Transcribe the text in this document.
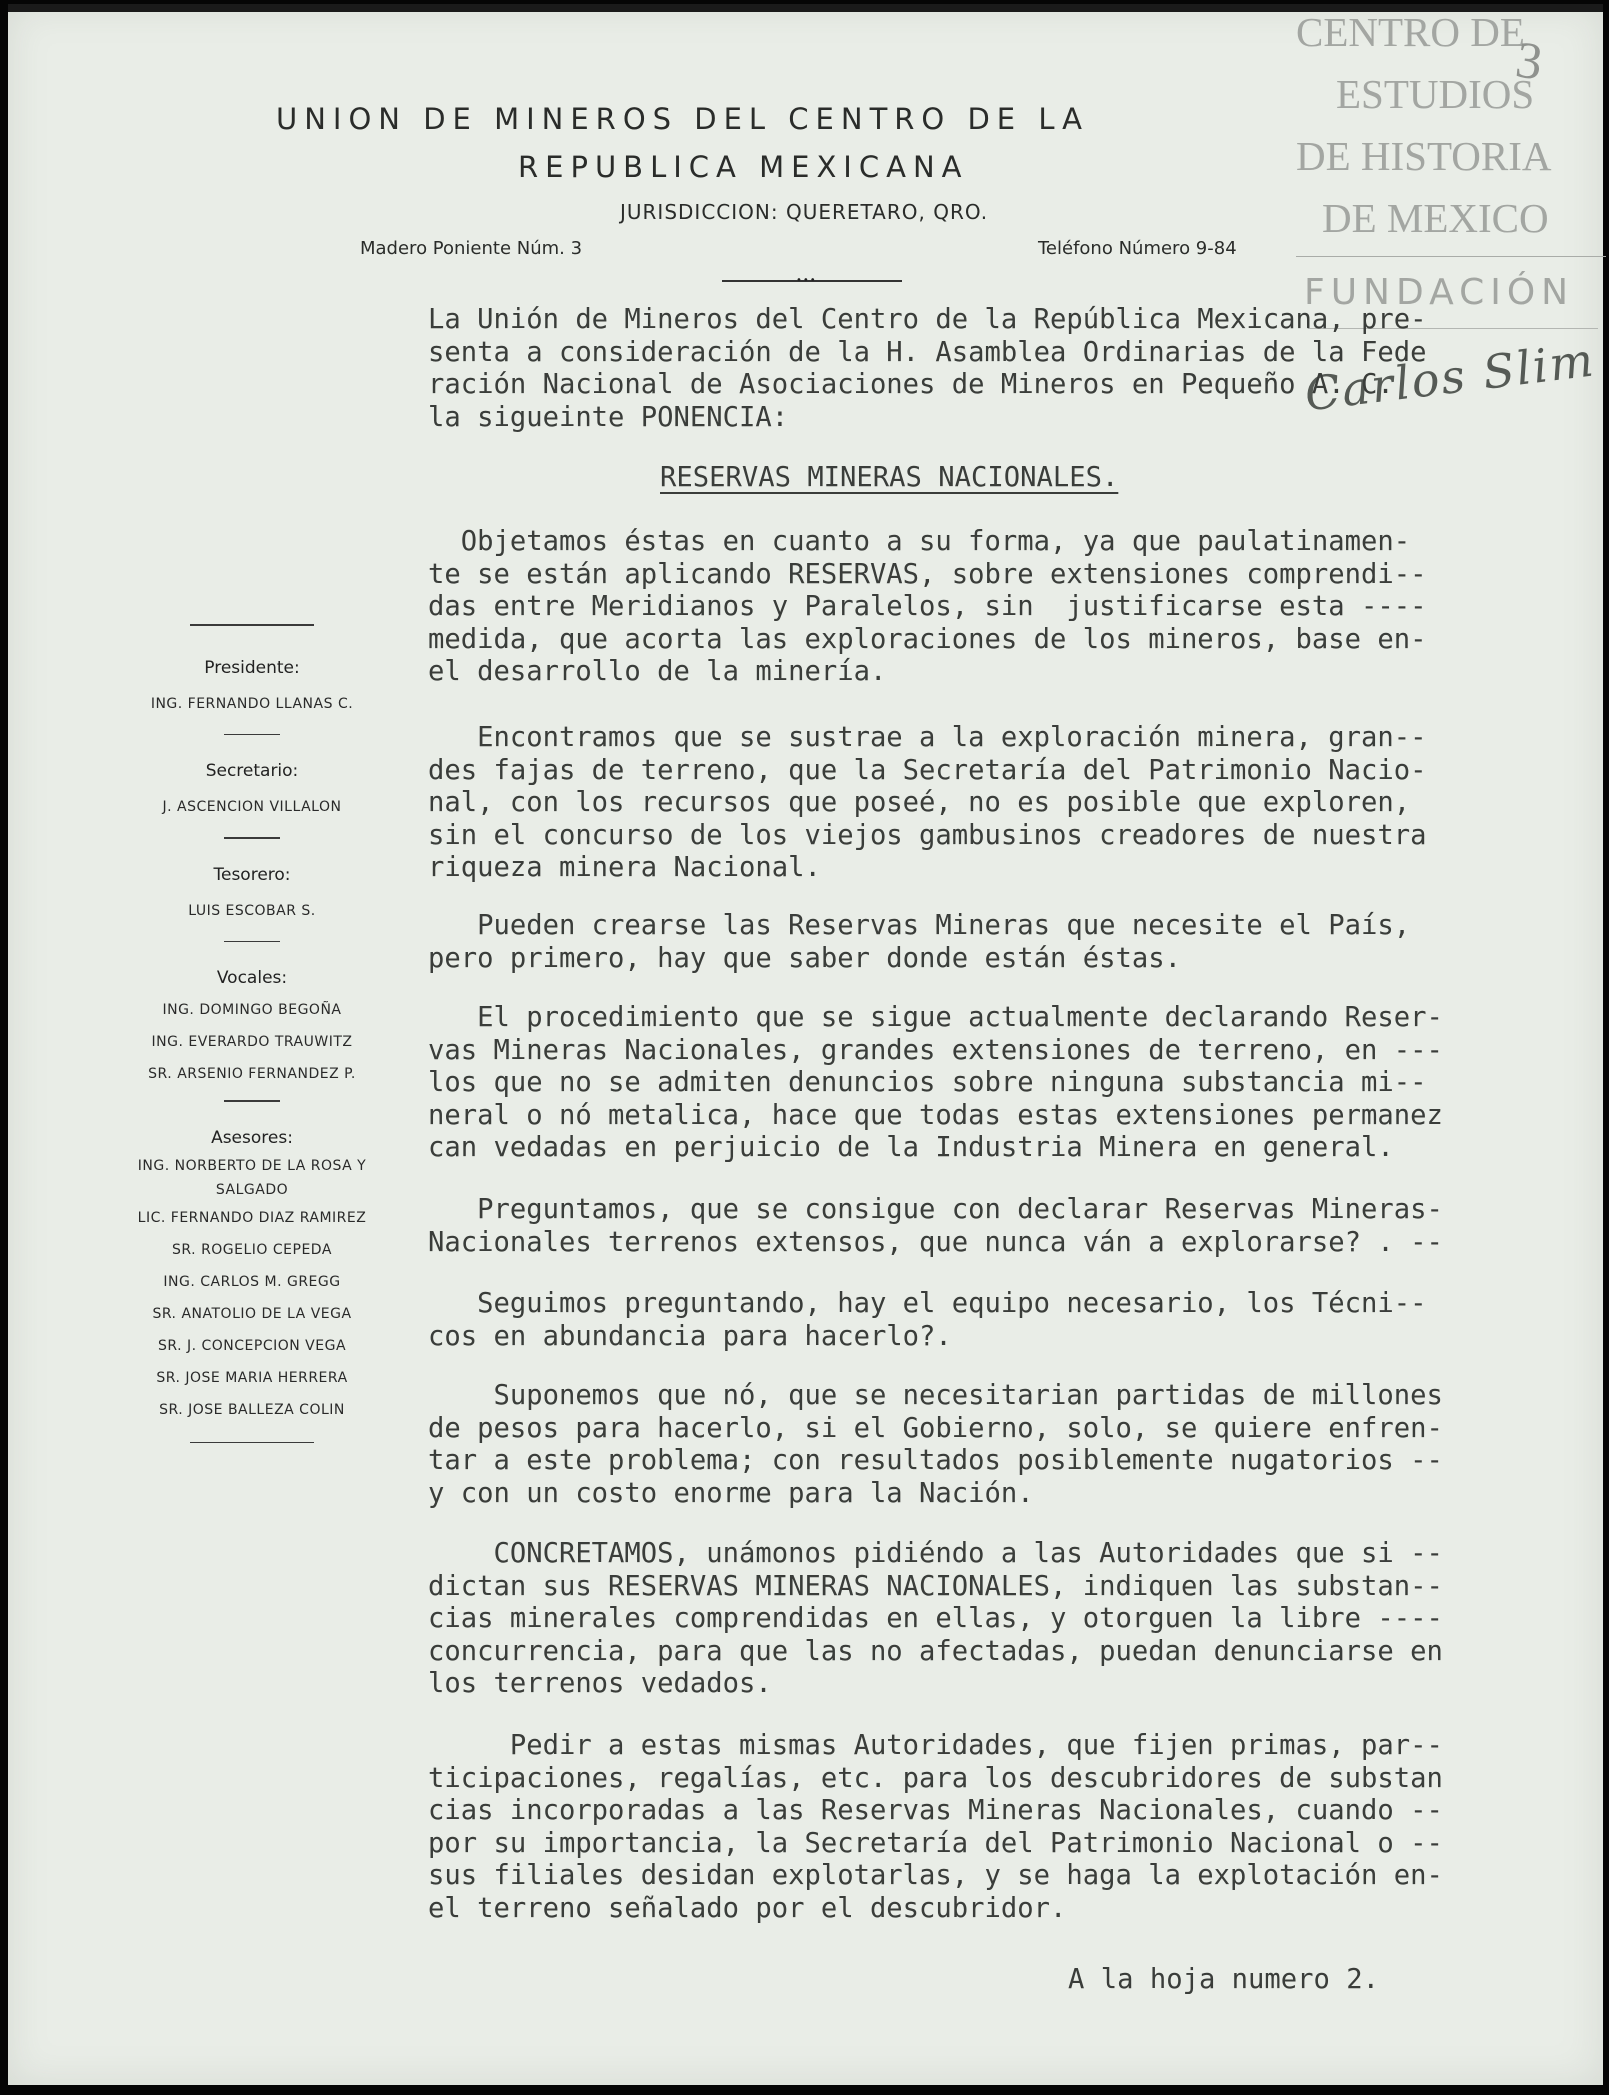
UNION DE MINEROS DEL CENTRO DE LA
REPUBLICA MEXICANA
JURISDICCION: QUERETARO, QRO.
Madero Poniente Núm. 3	Teléfono Número 9-84
•••
CENTRO DE
ESTUDIOS
DE HISTORIA
DE MEXICO
FUNDACIÓN
3
Carlos Slim
Presidente:
ING. FERNANDO LLANAS C.
Secretario:
J. ASCENCION VILLALON
Tesorero:
LUIS ESCOBAR S.
Vocales:
ING. DOMINGO BEGOÑA
ING. EVERARDO TRAUWITZ
SR. ARSENIO FERNANDEZ P.
Asesores:
ING. NORBERTO DE LA ROSA Y
SALGADO
LIC. FERNANDO DIAZ RAMIREZ
SR. ROGELIO CEPEDA
ING. CARLOS M. GREGG
SR. ANATOLIO DE LA VEGA
SR. J. CONCEPCION VEGA
SR. JOSE MARIA HERRERA
SR. JOSE BALLEZA COLIN

La Unión de Mineros del Centro de la República Mexicana, pre-

senta a consideración de la H. Asamblea Ordinarias de la Fede

ración Nacional de Asociaciones de Mineros en Pequeño A. C.

la sigueinte PONENCIA:

RESERVAS MINERAS NACIONALES.

Objetamos éstas en cuanto a su forma, ya que paulatinamen-

te se están aplicando RESERVAS, sobre extensiones comprendi--

das entre Meridianos y Paralelos, sin  justificarse esta ----

medida, que acorta las exploraciones de los mineros, base en-

el desarrollo de la minería.

Encontramos que se sustrae a la exploración minera, gran--

des fajas de terreno, que la Secretaría del Patrimonio Nacio-

nal, con los recursos que poseé, no es posible que exploren,

sin el concurso de los viejos gambusinos creadores de nuestra

riqueza minera Nacional.

Pueden crearse las Reservas Mineras que necesite el País,

pero primero, hay que saber donde están éstas.

El procedimiento que se sigue actualmente declarando Reser-

vas Mineras Nacionales, grandes extensiones de terreno, en ---

los que no se admiten denuncios sobre ninguna substancia mi--

neral o nó metalica, hace que todas estas extensiones permanez

can vedadas en perjuicio de la Industria Minera en general.

Preguntamos, que se consigue con declarar Reservas Mineras-

Nacionales terrenos extensos, que nunca ván a explorarse? . --

Seguimos preguntando, hay el equipo necesario, los Técni--

cos en abundancia para hacerlo?.

Suponemos que nó, que se necesitarian partidas de millones

de pesos para hacerlo, si el Gobierno, solo, se quiere enfren-

tar a este problema; con resultados posiblemente nugatorios --

y con un costo enorme para la Nación.

CONCRETAMOS, unámonos pidiéndo a las Autoridades que si --

dictan sus RESERVAS MINERAS NACIONALES, indiquen las substan--

cias minerales comprendidas en ellas, y otorguen la libre ----

concurrencia, para que las no afectadas, puedan denunciarse en

los terrenos vedados.

Pedir a estas mismas Autoridades, que fijen primas, par--

ticipaciones, regalías, etc. para los descubridores de substan

cias incorporadas a las Reservas Mineras Nacionales, cuando --

por su importancia, la Secretaría del Patrimonio Nacional o --

sus filiales desidan explotarlas, y se haga la explotación en-

el terreno señalado por el descubridor.

A la hoja numero 2.
